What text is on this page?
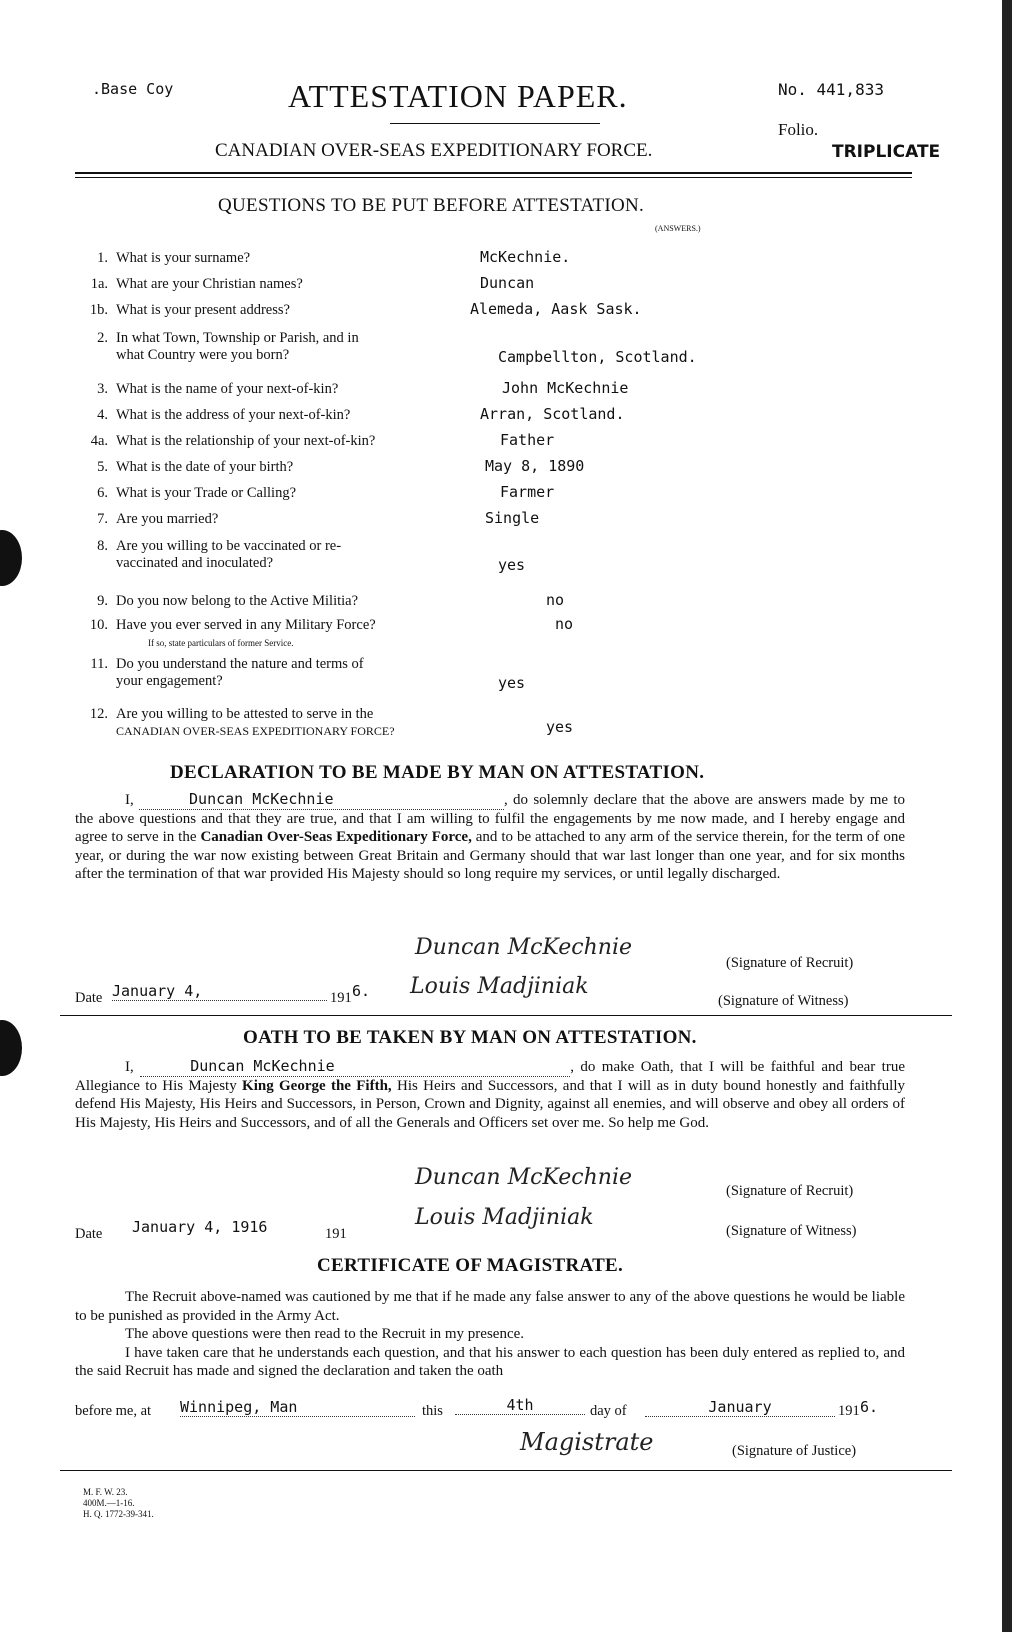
.Base Coy	ATTESTATION PAPER.	No. 441,833
CANADIAN OVER-SEAS EXPEDITIONARY FORCE.
Folio.
TRIPLICATE
QUESTIONS TO BE PUT BEFORE ATTESTATION.
(ANSWERS.)
1. What is your surname?	McKechnie.
1a. What are your Christian names?	Duncan
1b. What is your present address?	Alemeda, Aask Sask.
2. In what Town, Township or Parish, and in
what Country were you born?	Campbellton, Scotland.
3. What is the name of your next-of-kin?	John McKechnie
4. What is the address of your next-of-kin?	Arran, Scotland.
4a. What is the relationship of your next-of-kin?	Father
5. What is the date of your birth?	May 8, 1890
6. What is your Trade or Calling?	Farmer
7. Are you married?	Single
8. Are you willing to be vaccinated or re-
vaccinated and inoculated?	yes
9. Do you now belong to the Active Militia?	no
10. Have you ever served in any Military Force?
If so, state particulars of former Service.
no
11. Do you understand the nature and terms of
your engagement?	yes
12. Are you willing to be attested to serve in the
CANADIAN OVER-SEAS EXPEDITIONARY FORCE?	yes
DECLARATION TO BE MADE BY MAN ON ATTESTATION.

I,	Duncan McKechnie	, do solemnly declare that the above are answers made by me to the above questions and that they are true, and that I am willing to fulfil the engagements by me now made, and I hereby engage and agree to serve in the Canadian Over-Seas Expeditionary Force, and to be attached to any arm of the service therein, for the term of one year, or during the war now existing between Great Britain and Germany should that war last longer than one year, and for six months after the termination of that war provided His Majesty should so long require my services, or until legally discharged.

Duncan McKechnie
(Signature of Recruit)
Date January 4,	191 6. Louis Madjiniak
(Signature of Witness)
OATH TO BE TAKEN BY MAN ON ATTESTATION.

I,	Duncan McKechnie	, do make Oath, that I will be faithful and bear true Allegiance to His Majesty King George the Fifth, His Heirs and Successors, and that I will as in duty bound honestly and faithfully defend His Majesty, His Heirs and Successors, in Person, Crown and Dignity, against all enemies, and will observe and obey all orders of His Majesty, His Heirs and Successors, and of all the Generals and Officers set over me. So help me God.

Duncan McKechnie
(Signature of Recruit)
Date January 4, 1916	191
Louis Madjiniak
(Signature of Witness)
CERTIFICATE OF MAGISTRATE.

The Recruit above-named was cautioned by me that if he made any false answer to any of the above questions he would be liable to be punished as provided in the Army Act.

The above questions were then read to the Recruit in my presence.

I have taken care that he understands each question, and that his answer to each question has been duly entered as replied to, and the said Recruit has made and signed the declaration and taken the oath

before me, at Winnipeg, Man	this	4th	day of	January	191 6.
Magistrate	(Signature of Justice)
M. F. W. 23.
400M.—1-16.
H. Q. 1772-39-341.
